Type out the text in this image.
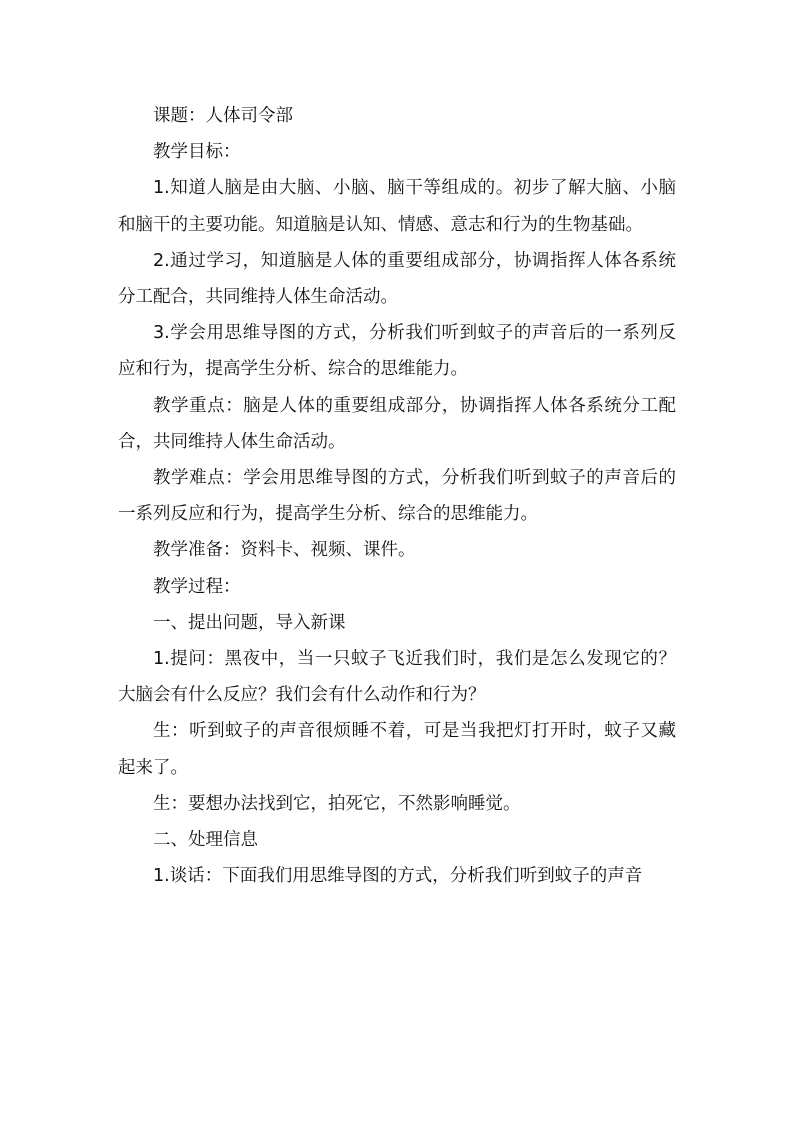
课题：人体司令部

教学目标：

1.知道人脑是由大脑、小脑、脑干等组成的。初步了解大脑、小脑和脑干的主要功能。知道脑是认知、情感、意志和行为的生物基础。

2.通过学习，知道脑是人体的重要组成部分，协调指挥人体各系统分工配合，共同维持人体生命活动。

3.学会用思维导图的方式，分析我们听到蚊子的声音后的一系列反应和行为，提高学生分析、综合的思维能力。

教学重点：脑是人体的重要组成部分，协调指挥人体各系统分工配合，共同维持人体生命活动。

教学难点：学会用思维导图的方式，分析我们听到蚊子的声音后的一系列反应和行为，提高学生分析、综合的思维能力。

教学准备：资料卡、视频、课件。

教学过程：

一、提出问题，导入新课

1.提问：黑夜中，当一只蚊子飞近我们时，我们是怎么发现它的？大脑会有什么反应？我们会有什么动作和行为？

生：听到蚊子的声音很烦睡不着，可是当我把灯打开时，蚊子又藏起来了。

生：要想办法找到它，拍死它，不然影响睡觉。

二、处理信息

1.谈话：下面我们用思维导图的方式，分析我们听到蚊子的声音
